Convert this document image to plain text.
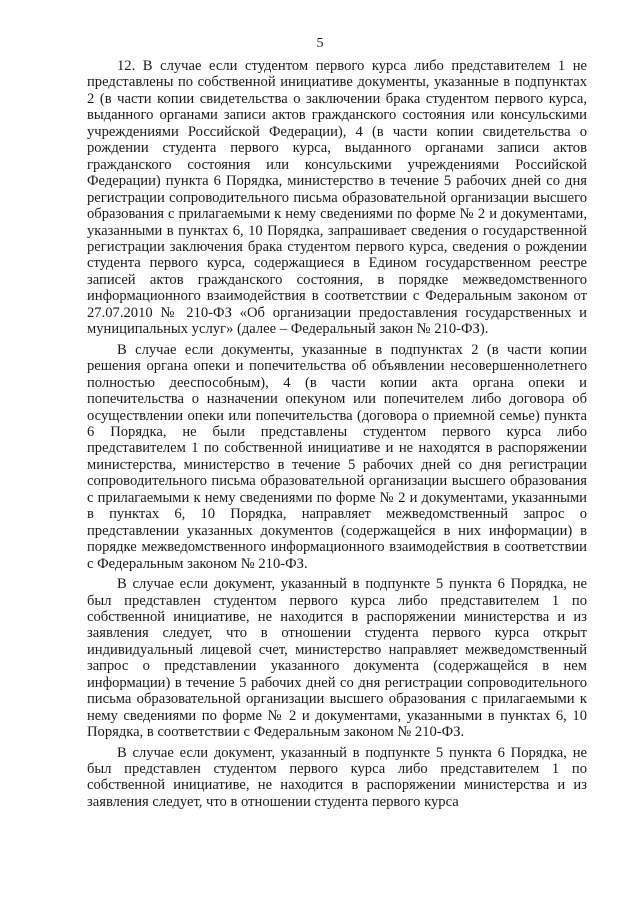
5

12. В случае если студентом первого курса либо представителем 1 не представлены по собственной инициативе документы, указанные в подпунктах 2 (в части копии свидетельства о заключении брака студентом первого курса, выданного органами записи актов гражданского состояния или консульскими учреждениями Российской Федерации), 4 (в части копии свидетельства о рождении студента первого курса, выданного органами записи актов гражданского состояния или консульскими учреждениями Российской Федерации) пункта 6 Порядка, министерство в течение 5 рабочих дней со дня регистрации сопроводительного письма образовательной организации высшего образования с прилагаемыми к нему сведениями по форме № 2 и документами, указанными в пунктах 6, 10 Порядка, запрашивает сведения о государственной регистрации заключения брака студентом первого курса, сведения о рождении студента первого курса, содержащиеся в Едином государственном реестре записей актов гражданского состояния, в порядке межведомственного информационного взаимодействия в соответствии с Федеральным законом от 27.07.2010 № 210-ФЗ «Об организации предоставления государственных и муниципальных услуг» (далее – Федеральный закон № 210-ФЗ).

В случае если документы, указанные в подпунктах 2 (в части копии решения органа опеки и попечительства об объявлении несовершеннолетнего полностью дееспособным), 4 (в части копии акта органа опеки и попечительства о назначении опекуном или попечителем либо договора об осуществлении опеки или попечительства (договора о приемной семье) пункта 6 Порядка, не были представлены студентом первого курса либо представителем 1 по собственной инициативе и не находятся в распоряжении министерства, министерство в течение 5 рабочих дней со дня регистрации сопроводительного письма образовательной организации высшего образования с прилагаемыми к нему сведениями по форме № 2 и документами, указанными в пунктах 6, 10 Порядка, направляет межведомственный запрос о представлении указанных документов (содержащейся в них информации) в порядке межведомственного информационного взаимодействия в соответствии с Федеральным законом № 210-ФЗ.

В случае если документ, указанный в подпункте 5 пункта 6 Порядка, не был представлен студентом первого курса либо представителем 1 по собственной инициативе, не находится в распоряжении министерства и из заявления следует, что в отношении студента первого курса открыт индивидуальный лицевой счет, министерство направляет межведомственный запрос о представлении указанного документа (содержащейся в нем информации) в течение 5 рабочих дней со дня регистрации сопроводительного письма образовательной организации высшего образования с прилагаемыми к нему сведениями по форме № 2 и документами, указанными в пунктах 6, 10 Порядка, в соответствии с Федеральным законом № 210-ФЗ.

В случае если документ, указанный в подпункте 5 пункта 6 Порядка, не был представлен студентом первого курса либо представителем 1 по собственной инициативе, не находится в распоряжении министерства и из заявления следует, что в отношении студента первого курса
